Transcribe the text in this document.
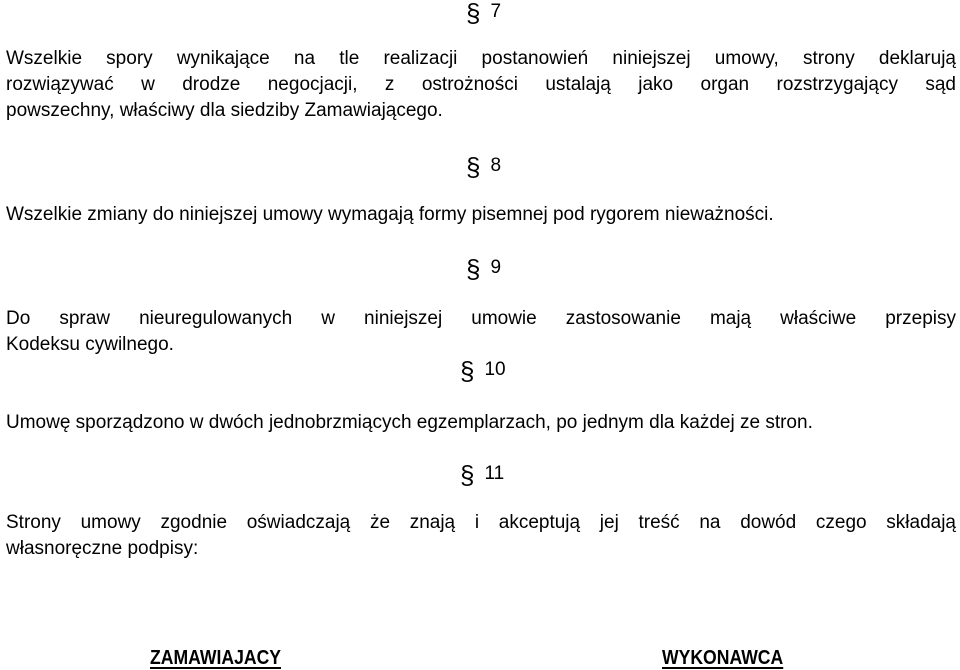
§ 7
Wszelkie spory wynikające na tle realizacji postanowień niniejszej umowy, strony deklarują
rozwiązywać w drodze negocjacji, z ostrożności ustalają jako organ rozstrzygający sąd
powszechny, właściwy dla siedziby Zamawiającego.
§ 8
Wszelkie zmiany do niniejszej umowy wymagają formy pisemnej pod rygorem nieważności.
§ 9
Do spraw nieuregulowanych w niniejszej umowie zastosowanie mają właściwe przepisy
Kodeksu cywilnego.
§ 10
Umowę sporządzono w dwóch jednobrzmiących egzemplarzach, po jednym dla każdej ze stron.
§ 11
Strony umowy zgodnie oświadczają że znają i akceptują jej treść na dowód czego składają
własnoręczne podpisy:
ZAMAWIAJACY	WYKONAWCA
